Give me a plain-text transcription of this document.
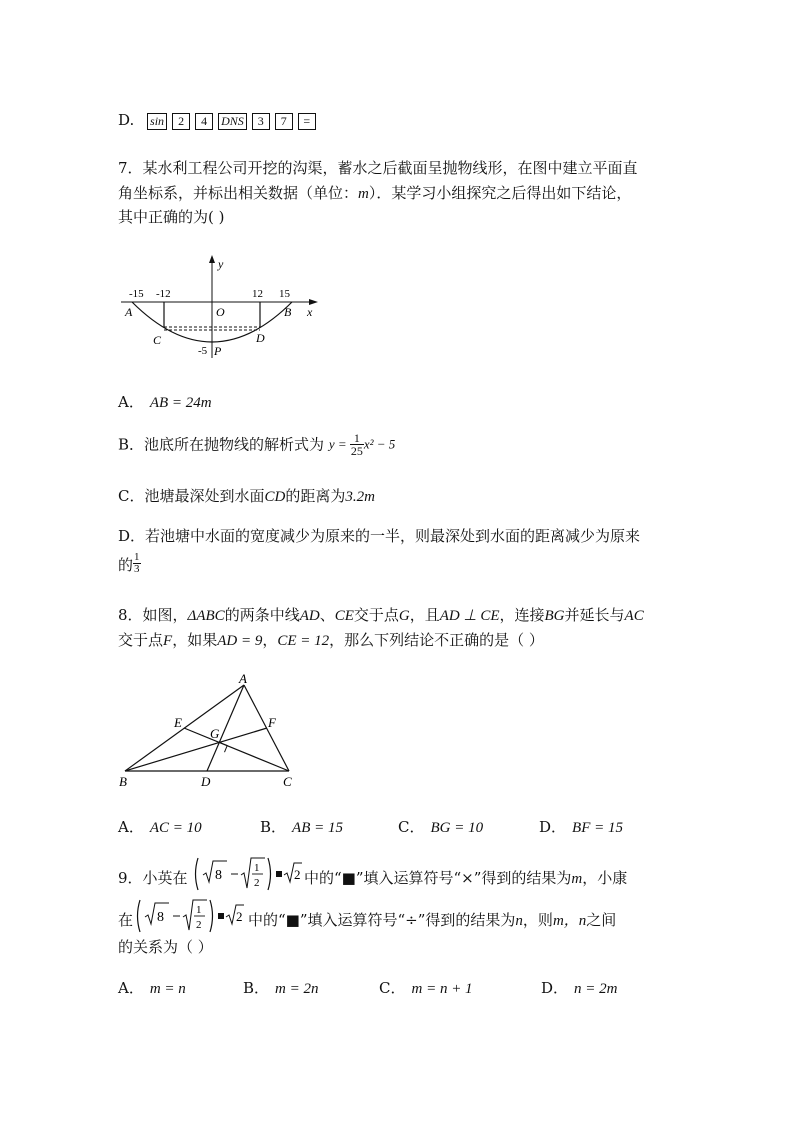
D. sin 2 4 DNS 3 7 =
7．某水利工程公司开挖的沟渠，蓄水之后截面呈抛物线形，在图中建立平面直
角坐标系，并标出相关数据（单位：m）．某学习小组探究之后得出如下结论，
其中正确的为( )
y
x
-15 -12	12 15
A	B
O
C	D
-5 P
A． AB = 24m
B．池底所在抛物线的解析式为 $y = \frac{1}{25} x^2 - 5$
C．池塘最深处到水面CD的距离为3.2m
D．若池塘中水面的宽度减少为原来的一半，则最深处到水面的距离减少为原来
的 $\frac{1}{3}$
8．如图，ΔABC的两条中线AD、CE交于点G，且AD ⊥ CE，连接BG并延长与AC
交于点F，如果AD = 9，CE = 12，那么下列结论不正确的是（ ）
A
B	C
D
E	F
G
A． AC = 10	B． AB = 15	C． BG = 10	D． BF = 15
9．小英在 8	1
2
2 中的“■”填入运算符号“×”得到的结果为m，小康
在 8	1
2
2 中的“■”填入运算符号“÷”得到的结果为n，则m，n之间
的关系为（ ）
A． m = n	B． m = 2n	C． m = n + 1	D． n = 2m
